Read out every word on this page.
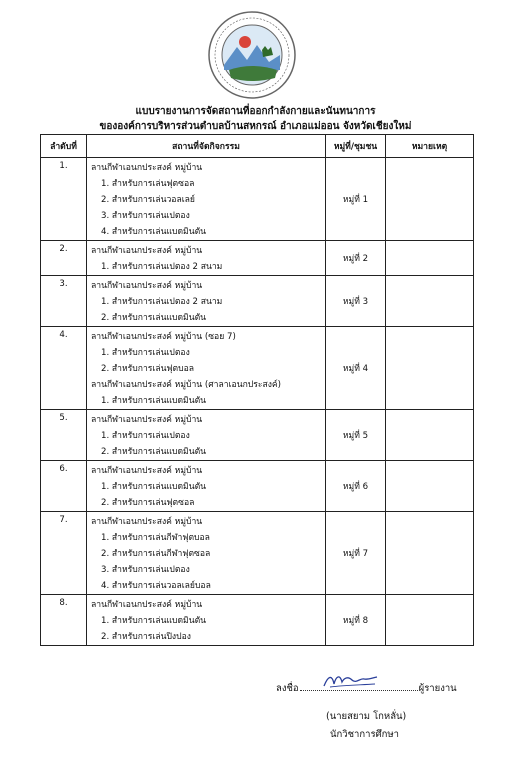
แบบรายงานการจัดสถานที่ออกกำลังกายและนันทนาการ
ขององค์การบริหารส่วนตำบลบ้านสหกรณ์ อำเภอแม่ออน จังหวัดเชียงใหม่
ลำดับที่	สถานที่จัดกิจกรรม	หมู่ที่/ชุมชน	หมายเหตุ
1.	ลานกีฬาเอนกประสงค์ หมู่บ้าน
1. สำหรับการเล่นฟุตซอล
2. สำหรับการเล่นวอลเลย์
3. สำหรับการเล่นเปตอง
4. สำหรับการเล่นแบดมินตัน	หมู่ที่ 1	
2.	ลานกีฬาเอนกประสงค์ หมู่บ้าน
1. สำหรับการเล่นเปตอง 2 สนาม	หมู่ที่ 2	
3.	ลานกีฬาเอนกประสงค์ หมู่บ้าน
1. สำหรับการเล่นเปตอง 2 สนาม
2. สำหรับการเล่นแบดมินตัน	หมู่ที่ 3	
4.	ลานกีฬาเอนกประสงค์ หมู่บ้าน (ซอย 7)
1. สำหรับการเล่นเปตอง
2. สำหรับการเล่นฟุตบอล
ลานกีฬาเอนกประสงค์ หมู่บ้าน (ศาลาเอนกประสงค์)
1. สำหรับการเล่นแบดมินตัน	หมู่ที่ 4	
5.	ลานกีฬาเอนกประสงค์ หมู่บ้าน
1. สำหรับการเล่นเปตอง
2. สำหรับการเล่นแบดมินตัน	หมู่ที่ 5	
6.	ลานกีฬาเอนกประสงค์ หมู่บ้าน
1. สำหรับการเล่นแบดมินตัน
2. สำหรับการเล่นฟุตซอล	หมู่ที่ 6	
7.	ลานกีฬาเอนกประสงค์ หมู่บ้าน
1. สำหรับการเล่นกีฬาฟุตบอล
2. สำหรับการเล่นกีฬาฟุตซอล
3. สำหรับการเล่นเปตอง
4. สำหรับการเล่นวอลเลย์บอล	หมู่ที่ 7	
8.	ลานกีฬาเอนกประสงค์ หมู่บ้าน
1. สำหรับการเล่นแบดมินตัน
2. สำหรับการเล่นปิงปอง	หมู่ที่ 8	
ลงชื่อ	ผู้รายงาน
(นายสยาม โกหลั่น)
นักวิชาการศึกษา
